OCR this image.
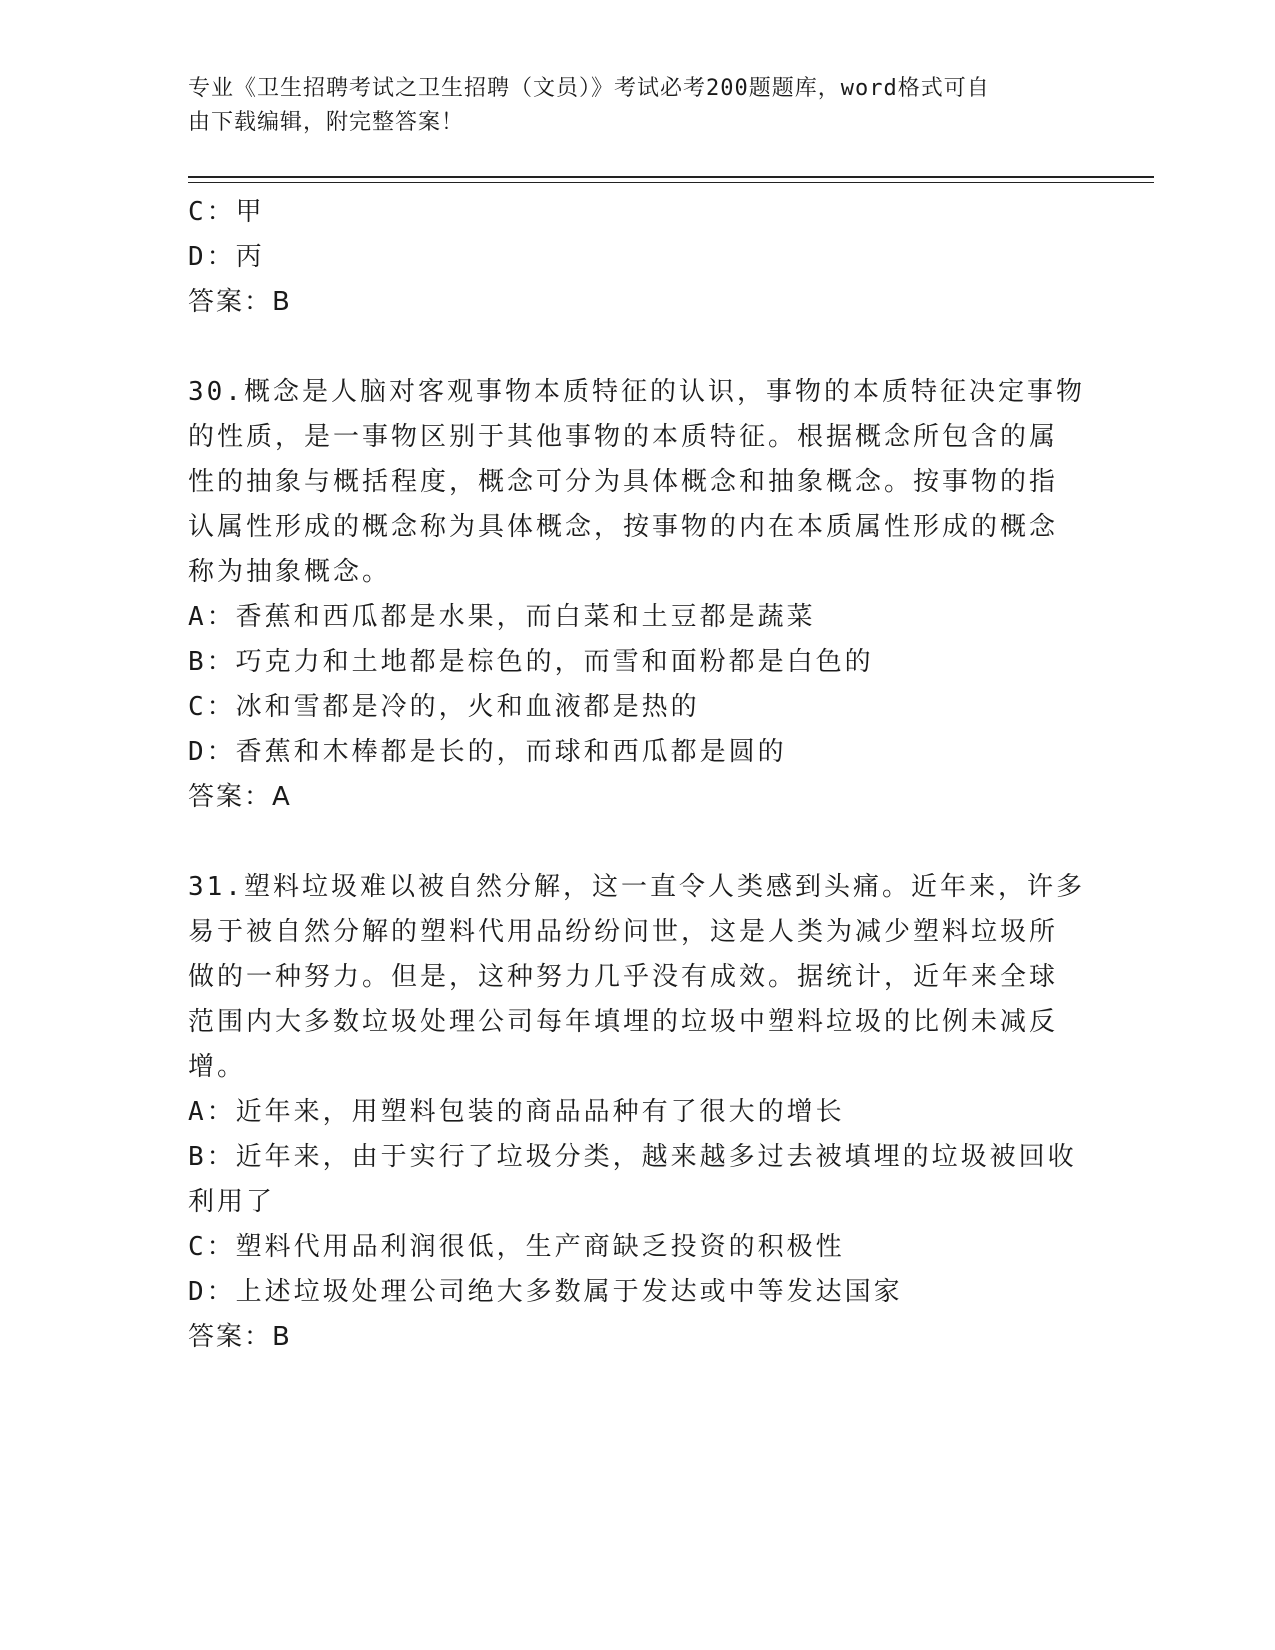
专业《卫生招聘考试之卫生招聘（文员）》考试必考200题题库，word格式可自
由下载编辑，附完整答案！
C：甲
D：丙
答案：B
30.概念是人脑对客观事物本质特征的认识，事物的本质特征决定事物
的性质，是一事物区别于其他事物的本质特征。根据概念所包含的属
性的抽象与概括程度，概念可分为具体概念和抽象概念。按事物的指
认属性形成的概念称为具体概念，按事物的内在本质属性形成的概念
称为抽象概念。
A：香蕉和西瓜都是水果，而白菜和土豆都是蔬菜
B：巧克力和土地都是棕色的，而雪和面粉都是白色的
C：冰和雪都是冷的，火和血液都是热的
D：香蕉和木棒都是长的，而球和西瓜都是圆的
答案：A
31.塑料垃圾难以被自然分解，这一直令人类感到头痛。近年来，许多
易于被自然分解的塑料代用品纷纷问世，这是人类为减少塑料垃圾所
做的一种努力。但是，这种努力几乎没有成效。据统计，近年来全球
范围内大多数垃圾处理公司每年填埋的垃圾中塑料垃圾的比例未减反
增。
A：近年来，用塑料包装的商品品种有了很大的增长
B：近年来，由于实行了垃圾分类，越来越多过去被填埋的垃圾被回收
利用了
C：塑料代用品利润很低，生产商缺乏投资的积极性
D：上述垃圾处理公司绝大多数属于发达或中等发达国家
答案：B
